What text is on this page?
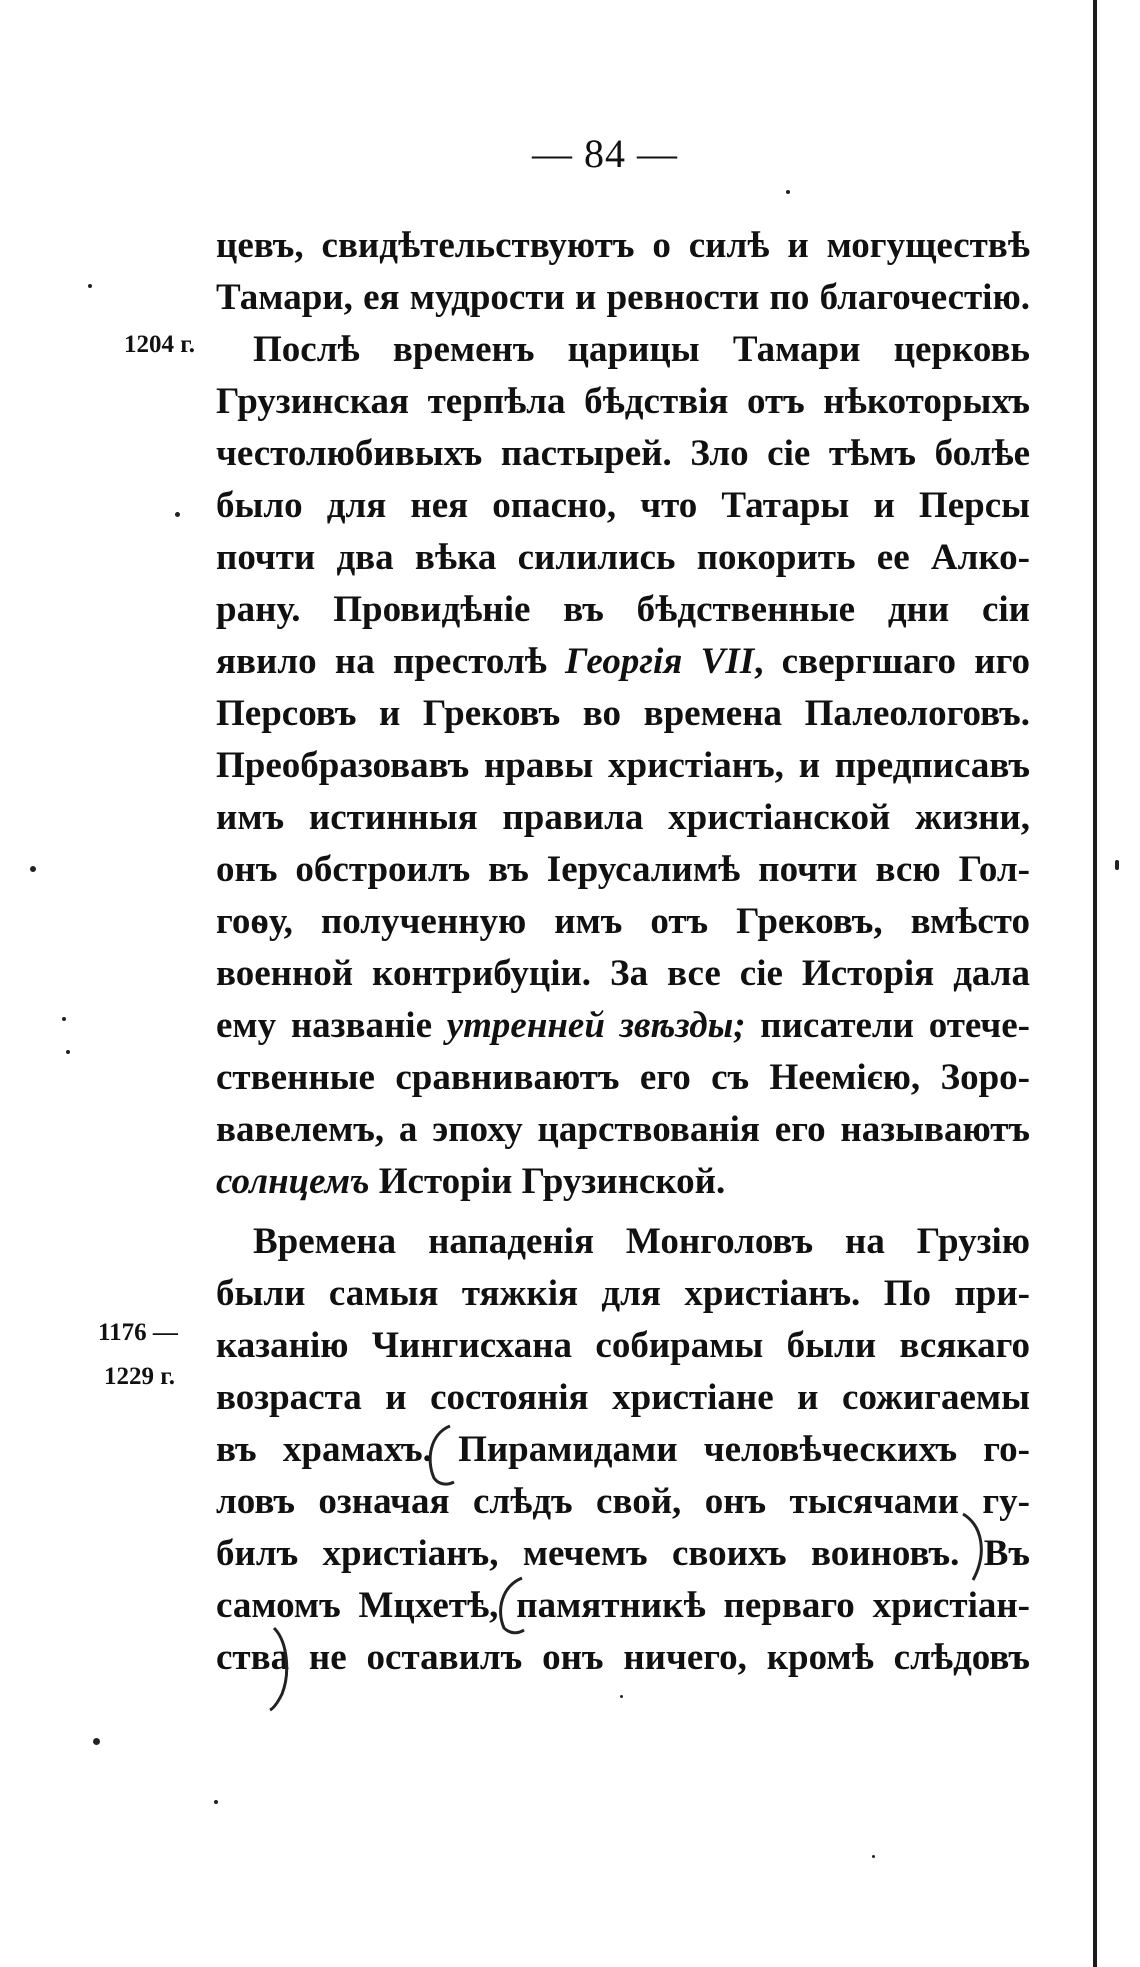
— 84 —
1204 г.
1176 —
1229 г.
цевъ, свидѣтельствуютъ о силѣ и могуществѣ
Тамари, ея мудрости и ревности по благочестію.
Послѣ временъ царицы Тамари церковь
Грузинская терпѣла бѣдствія отъ нѣкоторыхъ
честолюбивыхъ пастырей. Зло сіе тѣмъ болѣе
было для нея опасно, что Татары и Персы
почти два вѣка силились покорить ее Алко-
рану. Провидѣніе въ бѣдственные дни сіи
явило на престолѣ Георгія VII, свергшаго иго
Персовъ и Грековъ во времена Палеологовъ.
Преобразовавъ нравы христіанъ, и предписавъ
имъ истинныя правила христіанской жизни,
онъ обстроилъ въ Іерусалимѣ почти всю Гол-
гоѳу, полученную имъ отъ Грековъ, вмѣсто
военной контрибуціи. За все сіе Исторія дала
ему названіе утренней звѣзды; писатели отече-
ственные сравниваютъ его съ Неемією, Зоро-
вавелемъ, а эпоху царствованія его называютъ
солнцемъ Исторіи Грузинской.
Времена нападенія Монголовъ на Грузію
были самыя тяжкія для христіанъ. По при-
казанію Чингисхана собирамы были всякаго
возраста и состоянія христіане и сожигаемы
въ храмахъ. Пирамидами человѣческихъ го-
ловъ означая слѣдъ свой, онъ тысячами гу-
билъ христіанъ, мечемъ своихъ воиновъ. Въ
самомъ Мцхетѣ, памятникѣ перваго христіан-
ства не оставилъ онъ ничего, кромѣ слѣдовъ
